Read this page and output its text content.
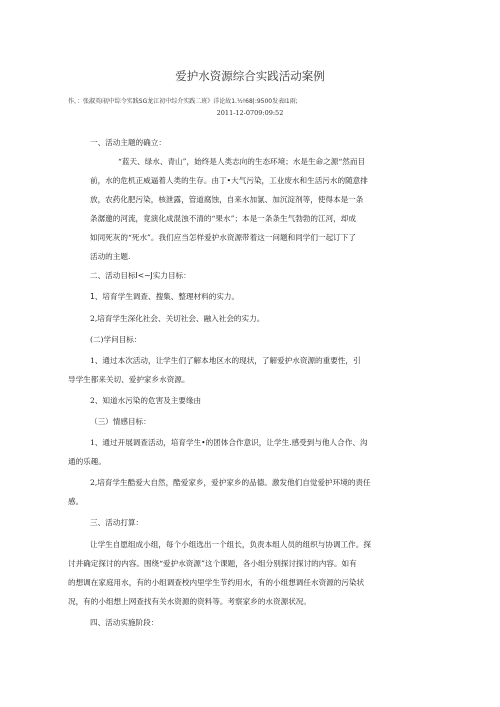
爱护水资源综合实践活动案例
作，：张淑英I初中综令实践SG龙江初中综介实践二班》洋论故1.½!68|:9500发表I1雨;
2011-12-0709:09:52
一、活动主题的确立：
“蓝天、绿水、青山”，始终是人类志向的生态环境；水是生命之源“然而目
前，水的危机正威逼着人类的生存。由丁•大气污染，工业废水和生活污水的随意排
放，农药化肥污染，核泄露，管道腐蚀，自来水加氯、加沉淀剂等，使得本是一条
条潺邀的河流，竟演化成混浊不清的“果水”；本是一条条生气勃勃的江河，却成
如同死灰的“死水”。我们应当怎样爱护水资源带着这一问题和同学们一起订下了
活动的主题.
二、活动目标I<~J实力目标：
1、培育学生调查、搜集、整理材料的实力。
2,培育学生深化社会、关切社会、融入社会的实力。
(二)学问目标：
1、通过本次活动，让学生们了解本地区水的现状，了解爱护水资源的重要性，引
导学生都来关切、爱护家乡水资源。
2、知道水污染的危害及主要缘由
（三）情感目标：
1、通过开展调查活动，培育学生•的团体合作意识，让学生.感受到与他人合作、沟
通的乐趣。
2,培育学生酷爱大自然，酷爱家乡，爱护家乡的品德。激发他们自觉爱护环境的责任
感。
三、活动打算：
让学生自愿组成小组，每个小组选出一个组长，负责本组人员的组织与协调工作。探
讨并确定探讨的内容。围绕“爱护水资源”这个课题，各小组分别探讨探讨的内容。如有
的想调在家庭用水，有的小组调查校内里学生节约用水，有的小组想调任水资源的污染状
况，有的小组想上网查找有关水资源的资料等。考察家乡的水资源状况。
四、活动实施阶段：
